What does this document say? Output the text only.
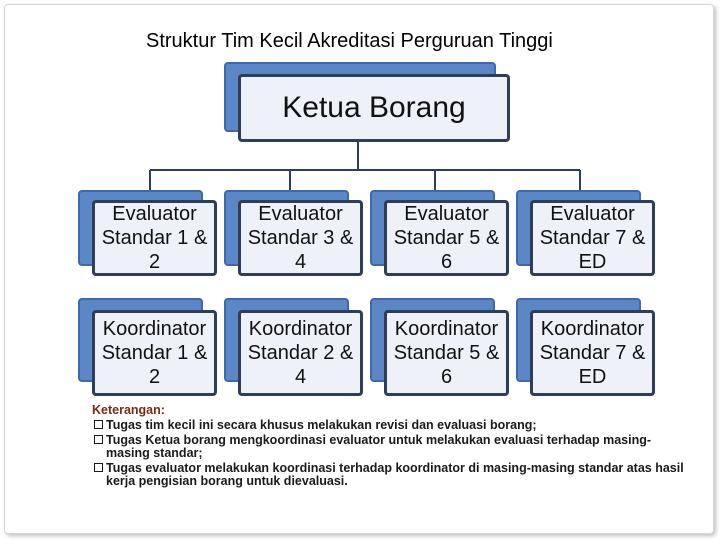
Struktur Tim Kecil Akreditasi Perguruan Tinggi
Ketua Borang
Evaluator Standar 1 & 2
Evaluator Standar 3 & 4
Evaluator Standar 5 & 6
Evaluator Standar 7 & ED
Koordinator Standar 1 & 2
Koordinator Standar 2 & 4
Koordinator Standar 5 & 6
Koordinator Standar 7 & ED
Keterangan:
Tugas tim kecil ini secara khusus melakukan revisi dan evaluasi borang;
Tugas Ketua borang mengkoordinasi evaluator untuk melakukan evaluasi terhadap masing-masing standar;
Tugas evaluator melakukan koordinasi terhadap koordinator di masing-masing standar atas hasil kerja pengisian borang untuk dievaluasi.
